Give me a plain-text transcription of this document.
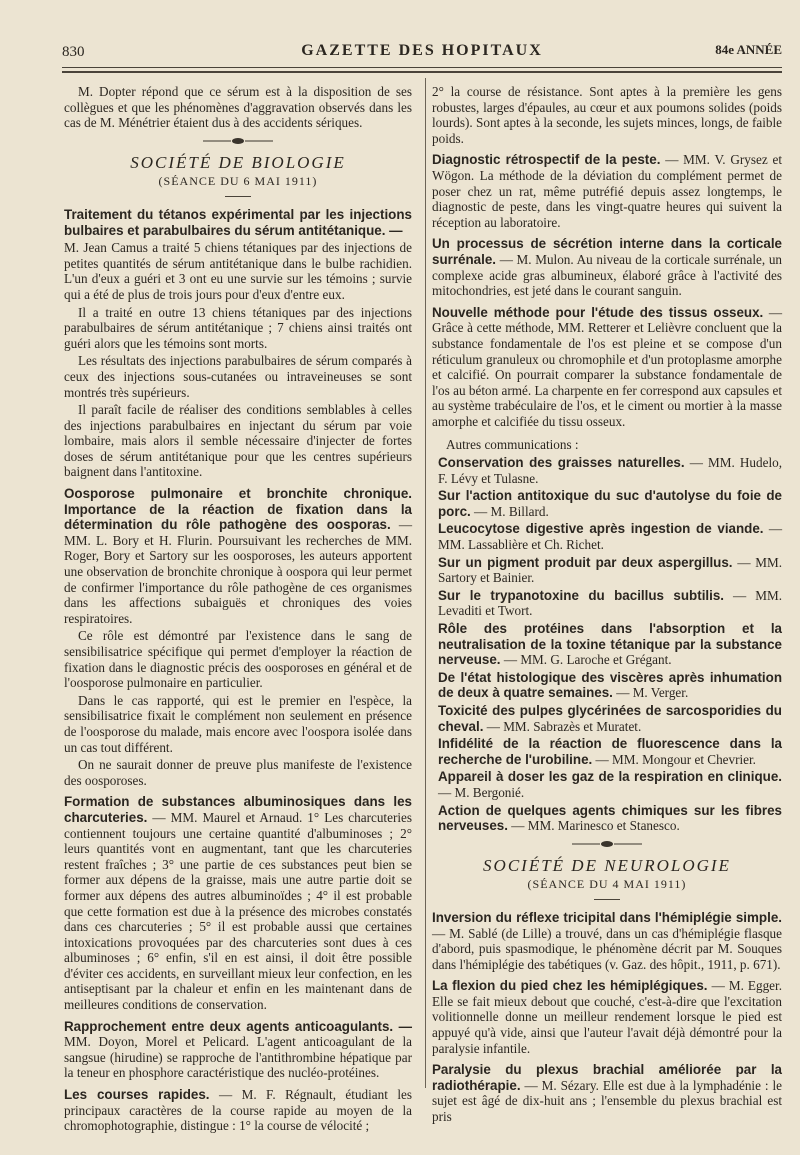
830	GAZETTE DES HOPITAUX	84e ANNÉE

M. Dopter répond que ce sérum est à la disposition de ses collègues et que les phénomènes d'aggravation observés dans les cas de M. Ménétrier étaient dus à des accidents sériques.

SOCIÉTÉ DE BIOLOGIE
(SÉANCE DU 6 MAI 1911)

Traitement du tétanos expérimental par les injections bulbaires et parabulbaires du sérum antitétanique. —

M. Jean Camus a traité 5 chiens tétaniques par des injections de petites quantités de sérum antitétanique dans le bulbe rachidien. L'un d'eux a guéri et 3 ont eu une survie sur les témoins ; survie qui a été de plus de trois jours pour d'eux d'entre eux.

Il a traité en outre 13 chiens tétaniques par des injections parabulbaires de sérum antitétanique ; 7 chiens ainsi traités ont guéri alors que les témoins sont morts.

Les résultats des injections parabulbaires de sérum comparés à ceux des injections sous-cutanées ou intraveineuses se sont montrés très supérieurs.

Il paraît facile de réaliser des conditions semblables à celles des injections parabulbaires en injectant du sérum par voie lombaire, mais alors il semble nécessaire d'injecter de fortes doses de sérum antitétanique pour que les centres supérieurs baignent dans l'antitoxine.

Oosporose pulmonaire et bronchite chronique. Importance de la réaction de fixation dans la détermination du rôle pathogène des oosporas. — MM. L. Bory et H. Flurin. Poursuivant les recherches de MM. Roger, Bory et Sartory sur les oosporoses, les auteurs apportent une observation de bronchite chronique à oospora qui leur permet de confirmer l'importance du rôle pathogène de ces organismes dans les affections subaiguës et chroniques des voies respiratoires.

Ce rôle est démontré par l'existence dans le sang de sensibilisatrice spécifique qui permet d'employer la réaction de fixation dans le diagnostic précis des oosporoses en général et de l'oosporose pulmonaire en particulier.

Dans le cas rapporté, qui est le premier en l'espèce, la sensibilisatrice fixait le complément non seulement en présence de l'oosporose du malade, mais encore avec l'oospora isolée dans un cas tout différent.

On ne saurait donner de preuve plus manifeste de l'existence des oosporoses.

Formation de substances albuminosiques dans les charcuteries. — MM. Maurel et Arnaud. 1° Les charcuteries contiennent toujours une certaine quantité d'albuminoses ; 2° leurs quantités vont en augmentant, tant que les charcuteries restent fraîches ; 3° une partie de ces substances peut bien se former aux dépens de la graisse, mais une autre partie doit se former aux dépens des autres albuminoïdes ; 4° il est probable que cette formation est due à la présence des microbes constatés dans ces charcuteries ; 5° il est probable aussi que certaines intoxications provoquées par des charcuteries sont dues à ces albuminoses ; 6° enfin, s'il en est ainsi, il doit être possible d'éviter ces accidents, en surveillant mieux leur confection, en les antiseptisant par la chaleur et enfin en les maintenant dans de meilleures conditions de conservation.

Rapprochement entre deux agents anticoagulants. — MM. Doyon, Morel et Pelicard. L'agent anticoagulant de la sangsue (hirudine) se rapproche de l'antithrombine hépatique par la teneur en phosphore caractéristique des nucléo-protéines.

Les courses rapides. — M. F. Régnault, étudiant les principaux caractères de la course rapide au moyen de la chromophotographie, distingue : 1° la course de vélocité ;

2° la course de résistance. Sont aptes à la première les gens robustes, larges d'épaules, au cœur et aux poumons solides (poids lourds). Sont aptes à la seconde, les sujets minces, longs, de faible poids.

Diagnostic rétrospectif de la peste. — MM. V. Grysez et Wögon. La méthode de la déviation du complément permet de poser chez un rat, même putréfié depuis assez longtemps, le diagnostic de peste, dans les vingt-quatre heures qui suivent la réception au laboratoire.

Un processus de sécrétion interne dans la corticale surrénale. — M. Mulon. Au niveau de la corticale surrénale, un complexe acide gras albumineux, élaboré grâce à l'activité des mitochondries, est jeté dans le courant sanguin.

Nouvelle méthode pour l'étude des tissus osseux. — Grâce à cette méthode, MM. Retterer et Lelièvre concluent que la substance fondamentale de l'os est pleine et se compose d'un réticulum granuleux ou chromophile et d'un protoplasme amorphe et calcifié. On pourrait comparer la substance fondamentale de l'os au béton armé. La charpente en fer correspond aux capsules et au système trabéculaire de l'os, et le ciment ou mortier à la masse amorphe et calcifiée du tissu osseux.

Autres communications :

Conservation des graisses naturelles. — MM. Hudelo, F. Lévy et Tulasne.

Sur l'action antitoxique du suc d'autolyse du foie de porc. — M. Billard.

Leucocytose digestive après ingestion de viande. — MM. Lassablière et Ch. Richet.

Sur un pigment produit par deux aspergillus. — MM. Sartory et Bainier.

Sur le trypanotoxine du bacillus subtilis. — MM. Levaditi et Twort.

Rôle des protéines dans l'absorption et la neutralisation de la toxine tétanique par la substance nerveuse. — MM. G. Laroche et Grégant.

De l'état histologique des viscères après inhumation de deux à quatre semaines. — M. Verger.

Toxicité des pulpes glycérinées de sarcosporidies du cheval. — MM. Sabrazès et Muratet.

Infidélité de la réaction de fluorescence dans la recherche de l'urobiline. — MM. Mongour et Chevrier.

Appareil à doser les gaz de la respiration en clinique. — M. Bergonié.

Action de quelques agents chimiques sur les fibres nerveuses. — MM. Marinesco et Stanesco.

SOCIÉTÉ DE NEUROLOGIE
(SÉANCE DU 4 MAI 1911)

Inversion du réflexe tricipital dans l'hémiplégie simple. — M. Sablé (de Lille) a trouvé, dans un cas d'hémiplégie flasque d'abord, puis spasmodique, le phénomène décrit par M. Souques dans l'hémiplégie des tabétiques (v. Gaz. des hôpit., 1911, p. 671).

La flexion du pied chez les hémiplégiques. — M. Egger. Elle se fait mieux debout que couché, c'est-à-dire que l'excitation volitionnelle donne un meilleur rendement lorsque le pied est appuyé qu'à vide, ainsi que l'auteur l'avait déjà démontré pour la paralysie infantile.

Paralysie du plexus brachial améliorée par la radiothérapie. — M. Sézary. Elle est due à la lymphadénie : le sujet est âgé de dix-huit ans ; l'ensemble du plexus brachial est pris
